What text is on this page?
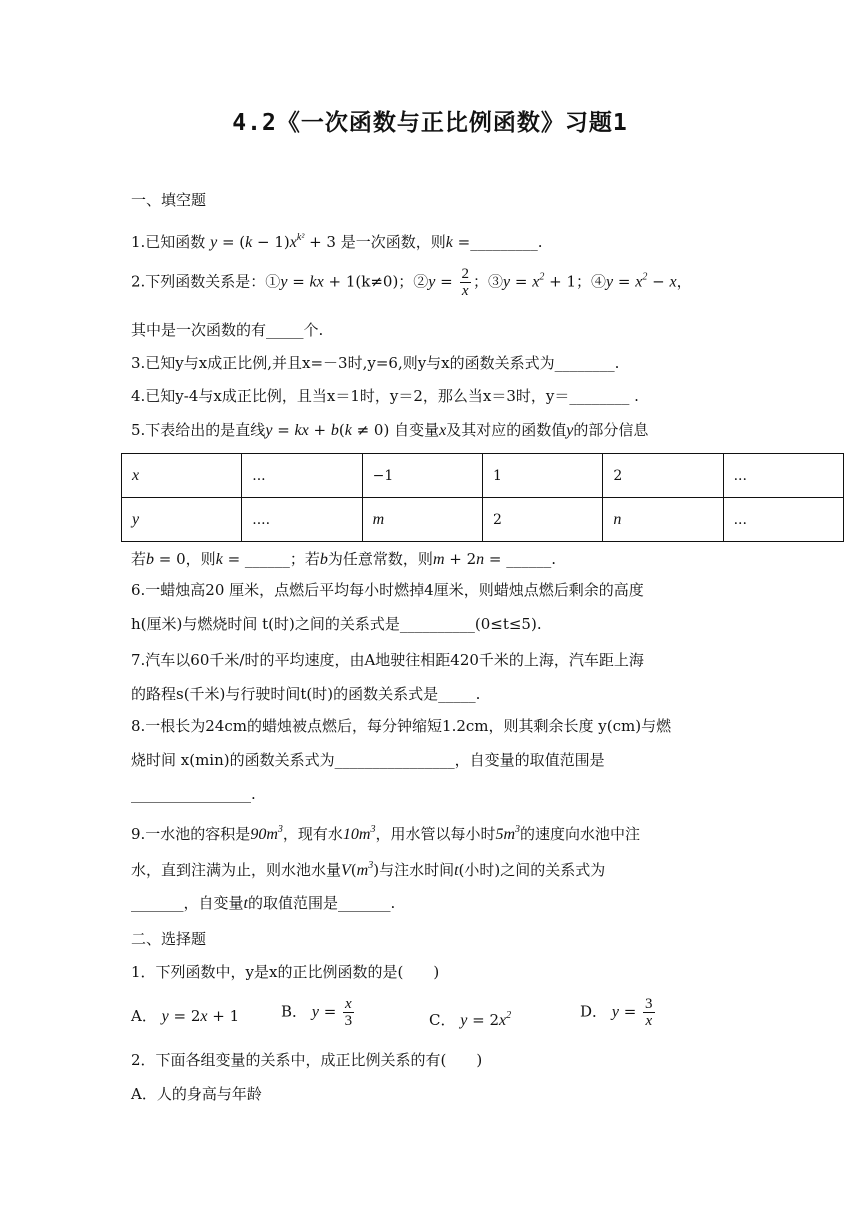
4.2《一次函数与正比例函数》习题1
一、填空题
1.已知函数 $y = (k - 1)x^{k^2} + 3$ 是一次函数，则k =_________.
2.下列函数关系是：①y = kx + 1(k≠0)；②y = $\frac{2}{x}$ ；③y = $x^2 + 1$；④y = $x^2 - x$，
其中是一次函数的有_____个.
3.已知y与x成正比例,并且x=－3时,y=6,则y与x的函数关系式为________.
4.已知y-4与x成正比例，且当x＝1时，y＝2，那么当x＝3时，y＝________ .
5.下表给出的是直线y = kx + b(k ≠ 0) 自变量x及其对应的函数值y的部分信息
x	...	−1	1	2	...
y	....	m	2	n	...
若b = 0，则k = ______；若b为任意常数，则m + 2n = ______.
6.一蜡烛高20 厘米，点燃后平均每小时燃掉4厘米，则蜡烛点燃后剩余的高度
h(厘米)与燃烧时间 t(时)之间的关系式是__________(0≤t≤5).
7.汽车以60千米/时的平均速度，由A地驶往相距420千米的上海，汽车距上海
的路程s(千米)与行驶时间t(时)的函数关系式是_____.
8.一根长为24cm的蜡烛被点燃后，每分钟缩短1.2cm，则其剩余长度 y(cm)与燃
烧时间 x(min)的函数关系式为________________，自变量的取值范围是
________________.
9.一水池的容积是$90m^3$，现有水$10m^3$，用水管以每小时$5m^3$的速度向水池中注
水，直到注满为止，则水池水量$V(m^3)$与注水时间t(小时)之间的关系式为
_______，自变量t的取值范围是_______.
二、选择题
1．下列函数中，y是x的正比例函数的是(　　)
A． y = 2x + 1	B． $y = \frac{x}{3}$	C． $y = 2x^2$	D． $y = \frac{3}{x}$
2．下面各组变量的关系中，成正比例关系的有(　　)
A．人的身高与年龄
